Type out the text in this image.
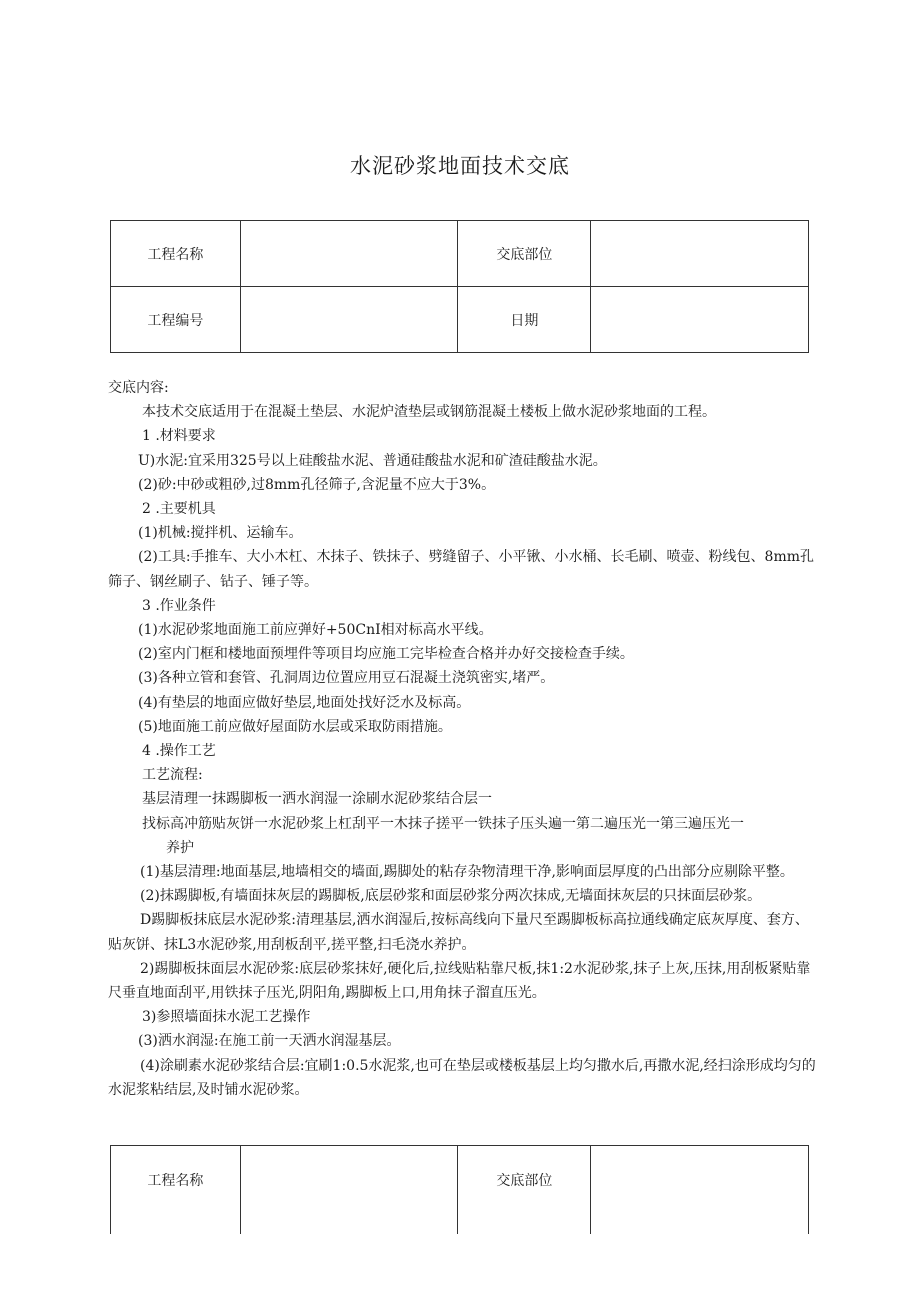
水泥砂浆地面技术交底
工程名称		交底部位	
工程编号		日期	

交底内容:

本技术交底适用于在混凝土垫层、水泥炉渣垫层或钢筋混凝土楼板上做水泥砂浆地面的工程。

1 .材料要求

U)水泥:宜采用325号以上硅酸盐水泥、普通硅酸盐水泥和矿渣硅酸盐水泥。

(2)砂:中砂或粗砂,过8mm孔径筛子,含泥量不应大于3%。

2 .主要机具

(1)机械:搅拌机、运输车。

(2)工具:手推车、大小木杠、木抹子、铁抹子、劈缝留子、小平锹、小水桶、长毛刷、喷壶、粉线包、8mm孔筛子、钢丝刷子、钻子、锤子等。

3 .作业条件

(1)水泥砂浆地面施工前应弹好+50CnI相对标高水平线。

(2)室内门框和楼地面预埋件等项目均应施工完毕检查合格并办好交接检查手续。

(3)各种立管和套管、孔洞周边位置应用豆石混凝土浇筑密实,堵严。

(4)有垫层的地面应做好垫层,地面处找好泛水及标高。

(5)地面施工前应做好屋面防水层或采取防雨措施。

4 .操作工艺

工艺流程:

基层清理一抹踢脚板一洒水润湿一涂刷水泥砂浆结合层一

找标高冲筋贴灰饼一水泥砂浆上杠刮平一木抹子搓平一铁抹子压头遍一第二遍压光一第三遍压光一

养护

(1)基层清理:地面基层,地墙相交的墙面,踢脚处的粘存杂物清理干净,影响面层厚度的凸出部分应剔除平整。

(2)抹踢脚板,有墙面抹灰层的踢脚板,底层砂浆和面层砂浆分两次抹成,无墙面抹灰层的只抹面层砂浆。

D踢脚板抹底层水泥砂浆:清理基层,洒水润湿后,按标高线向下量尺至踢脚板标高拉通线确定底灰厚度、套方、贴灰饼、抹L3水泥砂浆,用刮板刮平,搓平整,扫毛浇水养护。

2)踢脚板抹面层水泥砂浆:底层砂浆抹好,硬化后,拉线贴粘靠尺板,抹1:2水泥砂浆,抹子上灰,压抹,用刮板紧贴靠尺垂直地面刮平,用铁抹子压光,阴阳角,踢脚板上口,用角抹子溜直压光。

3)参照墙面抹水泥工艺操作

(3)洒水润湿:在施工前一天洒水润湿基层。

(4)涂刷素水泥砂浆结合层:宜刷1:0.5水泥浆,也可在垫层或楼板基层上均匀撒水后,再撒水泥,经扫涂形成均匀的水泥浆粘结层,及时铺水泥砂浆。

工程名称		交底部位	
